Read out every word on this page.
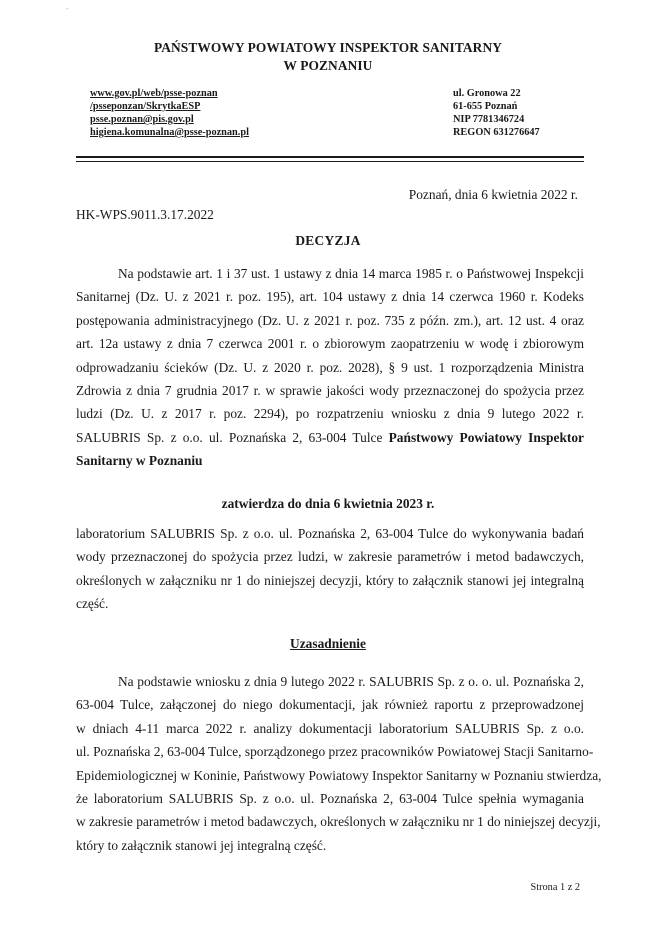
-
PAŃSTWOWY POWIATOWY INSPEKTOR SANITARNY
W POZNANIU
www.gov.pl/web/psse-poznan
/psseponzan/SkrytkaESP
psse.poznan@pis.gov.pl
higiena.komunalna@psse-poznan.pl
ul. Gronowa 22
61-655 Poznań
NIP 7781346724
REGON 631276647
Poznań, dnia 6 kwietnia 2022 r.
HK-WPS.9011.3.17.2022
DECYZJA
Na podstawie art. 1 i 37 ust. 1 ustawy z dnia 14 marca 1985 r. o Państwowej Inspekcji
Sanitarnej (Dz. U. z 2021 r. poz. 195), art. 104 ustawy z dnia 14 czerwca 1960 r. Kodeks
postępowania administracyjnego (Dz. U. z 2021 r. poz. 735 z późn. zm.), art. 12 ust. 4 oraz
art. 12a ustawy z dnia 7 czerwca 2001 r. o zbiorowym zaopatrzeniu w wodę i zbiorowym
odprowadzaniu ścieków (Dz. U. z 2020 r. poz. 2028), § 9 ust. 1 rozporządzenia Ministra
Zdrowia z dnia 7 grudnia 2017 r. w sprawie jakości wody przeznaczonej do spożycia przez
ludzi (Dz. U. z 2017 r. poz. 2294), po rozpatrzeniu wniosku z dnia 9 lutego 2022 r.
SALUBRIS Sp. z o.o. ul. Poznańska 2, 63-004 Tulce Państwowy Powiatowy Inspektor
Sanitarny w Poznaniu
zatwierdza do dnia 6 kwietnia 2023 r.
laboratorium SALUBRIS Sp. z o.o. ul. Poznańska 2, 63-004 Tulce do wykonywania badań
wody przeznaczonej do spożycia przez ludzi, w zakresie parametrów i metod badawczych,
określonych w załączniku nr 1 do niniejszej decyzji, który to załącznik stanowi jej integralną
część.
Uzasadnienie
Na podstawie wniosku z dnia 9 lutego 2022 r. SALUBRIS Sp. z o. o. ul. Poznańska 2,
63-004 Tulce, załączonej do niego dokumentacji, jak również raportu z przeprowadzonej
w dniach 4-11 marca 2022 r. analizy dokumentacji laboratorium SALUBRIS Sp. z o.o.
ul. Poznańska 2, 63-004 Tulce, sporządzonego przez pracowników Powiatowej Stacji Sanitarno-
Epidemiologicznej w Koninie, Państwowy Powiatowy Inspektor Sanitarny w Poznaniu stwierdza,
że laboratorium SALUBRIS Sp. z o.o. ul. Poznańska 2, 63-004 Tulce spełnia wymagania
w zakresie parametrów i metod badawczych, określonych w załączniku nr 1 do niniejszej decyzji,
który to załącznik stanowi jej integralną część.
Strona 1 z 2
